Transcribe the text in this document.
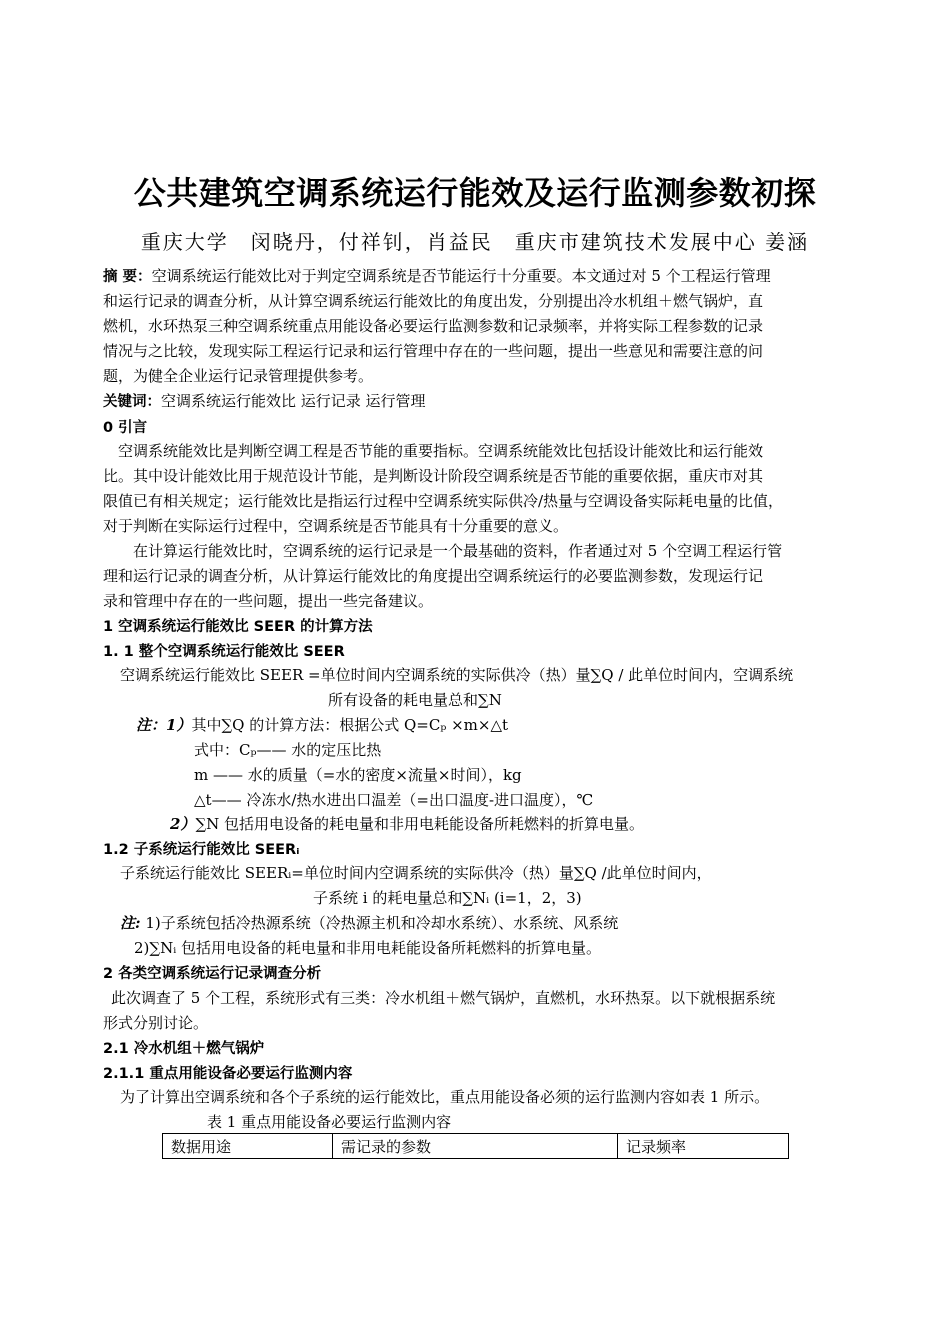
公共建筑空调系统运行能效及运行监测参数初探
重庆大学　闵晓丹，付祥钊，肖益民　重庆市建筑技术发展中心 姜涵
摘 要：空调系统运行能效比对于判定空调系统是否节能运行十分重要。本文通过对 5 个工程运行管理
和运行记录的调查分析，从计算空调系统运行能效比的角度出发，分别提出冷水机组＋燃气锅炉，直
燃机，水环热泵三种空调系统重点用能设备必要运行监测参数和记录频率，并将实际工程参数的记录
情况与之比较，发现实际工程运行记录和运行管理中存在的一些问题，提出一些意见和需要注意的问
题，为健全企业运行记录管理提供参考。
关键词：空调系统运行能效比 运行记录 运行管理
0 引言
　空调系统能效比是判断空调工程是否节能的重要指标。空调系统能效比包括设计能效比和运行能效
比。其中设计能效比用于规范设计节能，是判断设计阶段空调系统是否节能的重要依据，重庆市对其
限值已有相关规定；运行能效比是指运行过程中空调系统实际供冷/热量与空调设备实际耗电量的比值，
对于判断在实际运行过程中，空调系统是否节能具有十分重要的意义。
　　在计算运行能效比时，空调系统的运行记录是一个最基础的资料，作者通过对 5 个空调工程运行管
理和运行记录的调查分析，从计算运行能效比的角度提出空调系统运行的必要监测参数，发现运行记
录和管理中存在的一些问题，提出一些完备建议。
1 空调系统运行能效比 SEER 的计算方法
1. 1 整个空调系统运行能效比 SEER
空调系统运行能效比 SEER =单位时间内空调系统的实际供冷（热）量∑Q / 此单位时间内，空调系统
所有设备的耗电量总和∑N
注：1）其中∑Q 的计算方法：根据公式 Q=Cₚ ×m×△t
式中：Cₚ—— 水的定压比热
m —— 水的质量（=水的密度×流量×时间），kg
△t—— 冷冻水/热水进出口温差（=出口温度-进口温度），℃
2）∑N 包括用电设备的耗电量和非用电耗能设备所耗燃料的折算电量。
1.2 子系统运行能效比 SEERᵢ
子系统运行能效比 SEERᵢ=单位时间内空调系统的实际供冷（热）量∑Q /此单位时间内，
子系统 i 的耗电量总和∑Nᵢ (i=1，2，3)
注: 1)子系统包括冷热源系统（冷热源主机和冷却水系统）、水系统、风系统
2)∑Nᵢ 包括用电设备的耗电量和非用电耗能设备所耗燃料的折算电量。
2 各类空调系统运行记录调查分析
此次调查了 5 个工程，系统形式有三类：冷水机组＋燃气锅炉，直燃机，水环热泵。以下就根据系统
形式分别讨论。
2.1 冷水机组＋燃气锅炉
2.1.1 重点用能设备必要运行监测内容
为了计算出空调系统和各个子系统的运行能效比，重点用能设备必须的运行监测内容如表 1 所示。
表 1 重点用能设备必要运行监测内容
数据用途	需记录的参数	记录频率
